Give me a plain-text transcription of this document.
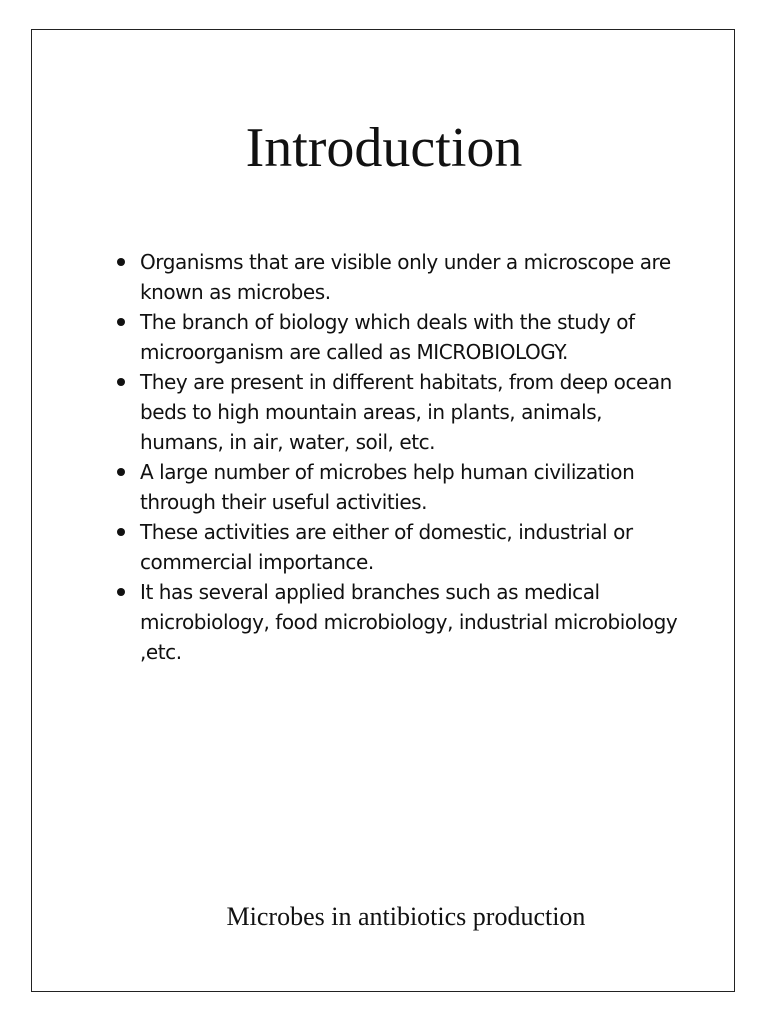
Introduction
Organisms that are visible only under a microscope are known as microbes.
The branch of biology which deals with the study of microorganism are called as MICROBIOLOGY.
They are present in different habitats, from deep ocean beds to high mountain areas, in plants, animals, humans, in air, water, soil, etc.
A large number of microbes help human civilization through their useful activities.
These activities are either of domestic, industrial or commercial importance.
It has several applied branches such as medical microbiology, food microbiology, industrial microbiology ,etc.

Microbes in antibiotics production
